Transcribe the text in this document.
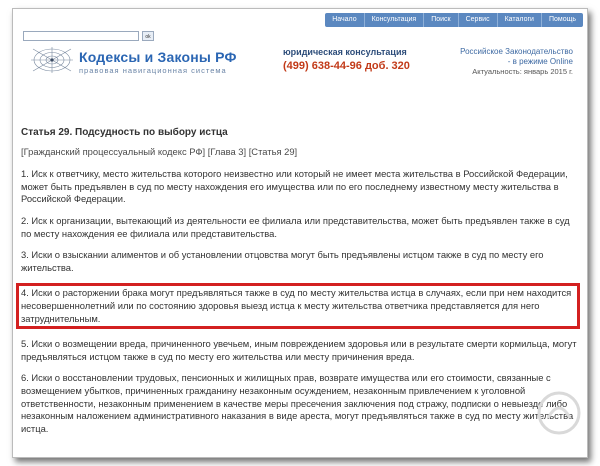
Начало	Консультация	Поиск	Сервис	Каталоги	Помощь
ok
Кодексы и Законы РФ
правовая навигационная система
юридическая консультация
(499) 638-44-96 доб. 320
Российское Законодательство
- в режиме Online
Актуальность: январь 2015 г.
Статья 29. Подсудность по выбору истца
[Гражданский процессуальный кодекс РФ] [Глава 3] [Статья 29]

1. Иск к ответчику, место жительства которого неизвестно или который не имеет места жительства в Российской Федерации, может быть предъявлен в суд по месту нахождения его имущества или по его последнему известному месту жительства в Российской Федерации.

2. Иск к организации, вытекающий из деятельности ее филиала или представительства, может быть предъявлен также в суд по месту нахождения ее филиала или представительства.

3. Иски о взыскании алиментов и об установлении отцовства могут быть предъявлены истцом также в суд по месту его жительства.

4. Иски о расторжении брака могут предъявляться также в суд по месту жительства истца в случаях, если при нем находится несовершеннолетний или по состоянию здоровья выезд истца к месту жительства ответчика представляется для него затруднительным.

5. Иски о возмещении вреда, причиненного увечьем, иным повреждением здоровья или в результате смерти кормильца, могут предъявляться истцом также в суд по месту его жительства или месту причинения вреда.

6. Иски о восстановлении трудовых, пенсионных и жилищных прав, возврате имущества или его стоимости, связанные с возмещением убытков, причиненных гражданину незаконным осуждением, незаконным привлечением к уголовной ответственности, незаконным применением в качестве меры пресечения заключения под стражу, подписки о невыезде либо незаконным наложением административного наказания в виде ареста, могут предъявляться также в суд по месту жительства истца.
